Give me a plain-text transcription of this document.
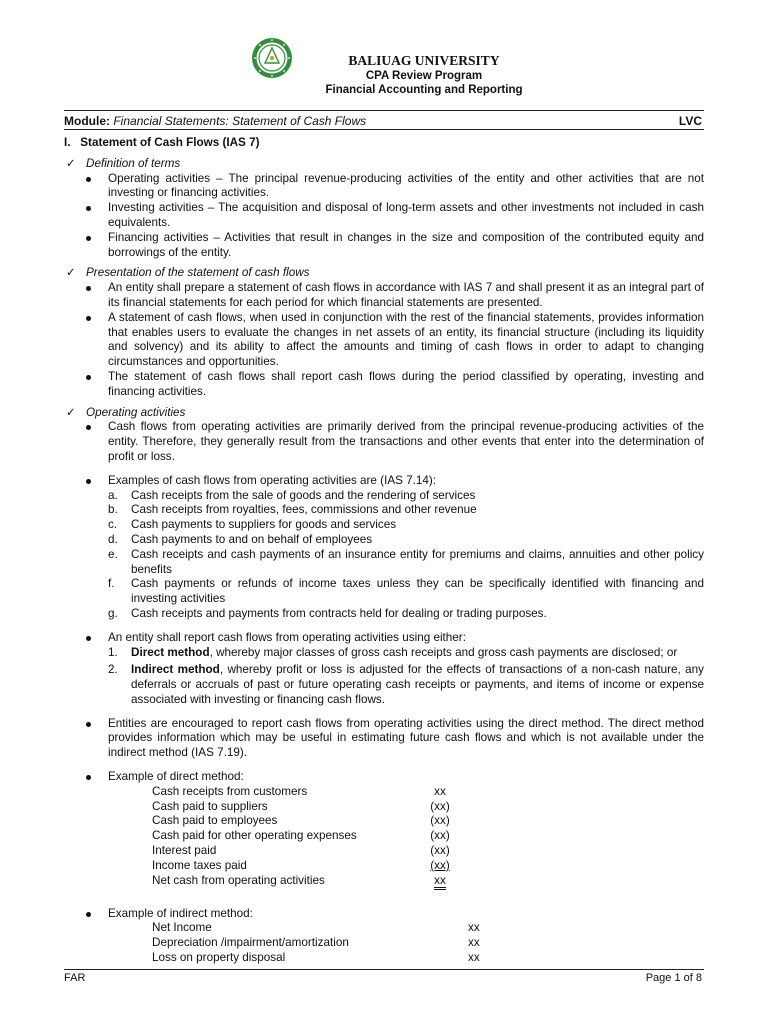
BALIUAG UNIVERSITY
CPA Review Program
Financial Accounting and Reporting
Module: Financial Statements: Statement of Cash Flows	LVC
I. Statement of Cash Flows (IAS 7)
✓ Definition of terms
Operating activities – The principal revenue-producing activities of the entity and other activities that are not investing or financing activities.
Investing activities – The acquisition and disposal of long-term assets and other investments not included in cash equivalents.
Financing activities – Activities that result in changes in the size and composition of the contributed equity and borrowings of the entity.
✓ Presentation of the statement of cash flows
An entity shall prepare a statement of cash flows in accordance with IAS 7 and shall present it as an integral part of its financial statements for each period for which financial statements are presented.
A statement of cash flows, when used in conjunction with the rest of the financial statements, provides information that enables users to evaluate the changes in net assets of an entity, its financial structure (including its liquidity and solvency) and its ability to affect the amounts and timing of cash flows in order to adapt to changing circumstances and opportunities.
The statement of cash flows shall report cash flows during the period classified by operating, investing and financing activities.
✓ Operating activities
Cash flows from operating activities are primarily derived from the principal revenue-producing activities of the entity. Therefore, they generally result from the transactions and other events that enter into the determination of profit or loss.
Examples of cash flows from operating activities are (IAS 7.14):
a. Cash receipts from the sale of goods and the rendering of services
b. Cash receipts from royalties, fees, commissions and other revenue
c. Cash payments to suppliers for goods and services
d. Cash payments to and on behalf of employees
e. Cash receipts and cash payments of an insurance entity for premiums and claims, annuities and other policy benefits
f. Cash payments or refunds of income taxes unless they can be specifically identified with financing and investing activities
g. Cash receipts and payments from contracts held for dealing or trading purposes.
An entity shall report cash flows from operating activities using either:
1. Direct method, whereby major classes of gross cash receipts and gross cash payments are disclosed; or
2. Indirect method, whereby profit or loss is adjusted for the effects of transactions of a non-cash nature, any deferrals or accruals of past or future operating cash receipts or payments, and items of income or expense associated with investing or financing cash flows.
Entities are encouraged to report cash flows from operating activities using the direct method. The direct method provides information which may be useful in estimating future cash flows and which is not available under the indirect method (IAS 7.19).
Example of direct method:
Cash receipts from customers	xx
Cash paid to suppliers	(xx)
Cash paid to employees	(xx)
Cash paid for other operating expenses	(xx)
Interest paid	(xx)
Income taxes paid	(xx)
Net cash from operating activities	xx
Example of indirect method:
Net Income	xx
Depreciation /impairment/amortization	xx
Loss on property disposal	xx
FAR	Page 1 of 8
